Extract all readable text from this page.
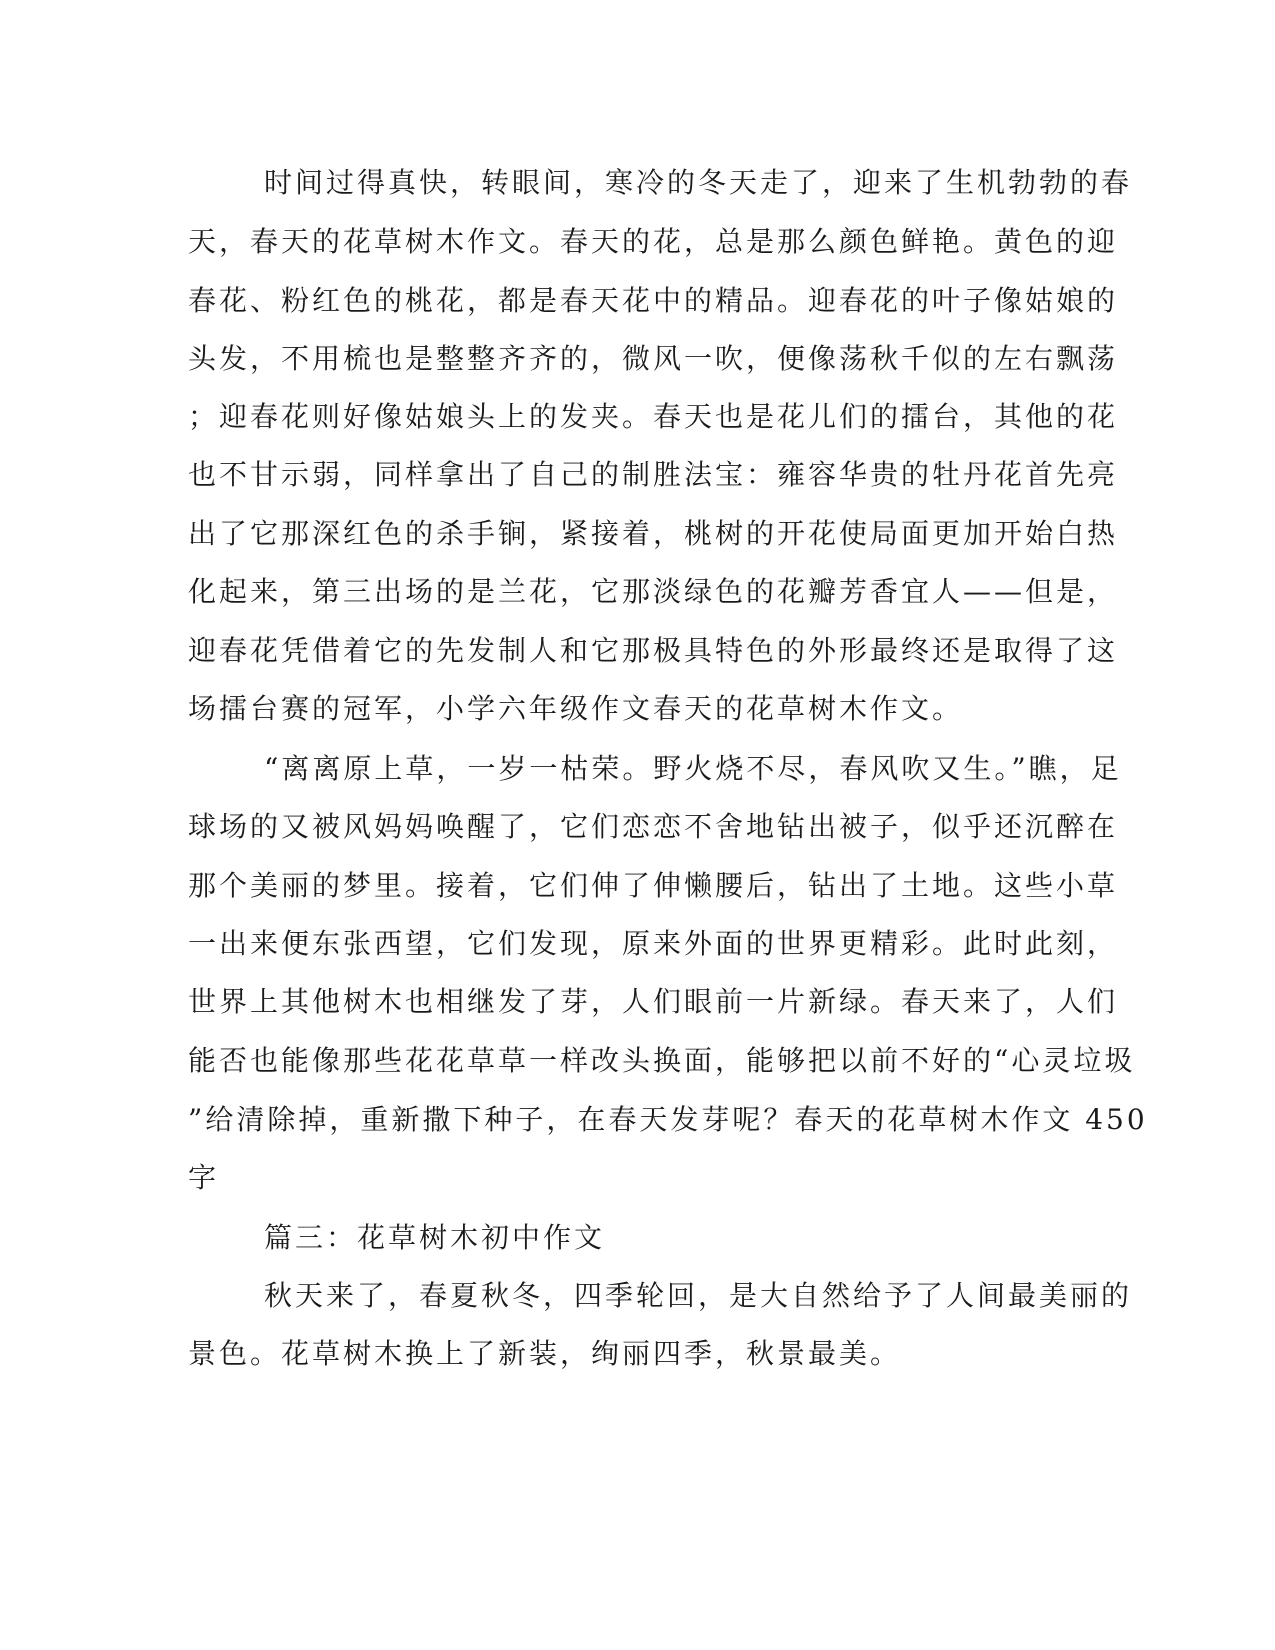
时间过得真快，转眼间，寒冷的冬天走了，迎来了生机勃勃的春
天，春天的花草树木作文。春天的花，总是那么颜色鲜艳。黄色的迎
春花、粉红色的桃花，都是春天花中的精品。迎春花的叶子像姑娘的
头发，不用梳也是整整齐齐的，微风一吹，便像荡秋千似的左右飘荡
；迎春花则好像姑娘头上的发夹。春天也是花儿们的擂台，其他的花
也不甘示弱，同样拿出了自己的制胜法宝：雍容华贵的牡丹花首先亮
出了它那深红色的杀手锏，紧接着，桃树的开花使局面更加开始白热
化起来，第三出场的是兰花，它那淡绿色的花瓣芳香宜人——但是，
迎春花凭借着它的先发制人和它那极具特色的外形最终还是取得了这
场擂台赛的冠军，小学六年级作文春天的花草树木作文。
“离离原上草，一岁一枯荣。野火烧不尽，春风吹又生。”瞧，足
球场的又被风妈妈唤醒了，它们恋恋不舍地钻出被子，似乎还沉醉在
那个美丽的梦里。接着，它们伸了伸懒腰后，钻出了土地。这些小草
一出来便东张西望，它们发现，原来外面的世界更精彩。此时此刻，
世界上其他树木也相继发了芽，人们眼前一片新绿。春天来了，人们
能否也能像那些花花草草一样改头换面，能够把以前不好的“心灵垃圾
”给清除掉，重新撒下种子，在春天发芽呢？春天的花草树木作文 450
字
篇三：花草树木初中作文
秋天来了，春夏秋冬，四季轮回，是大自然给予了人间最美丽的
景色。花草树木换上了新装，绚丽四季，秋景最美。
